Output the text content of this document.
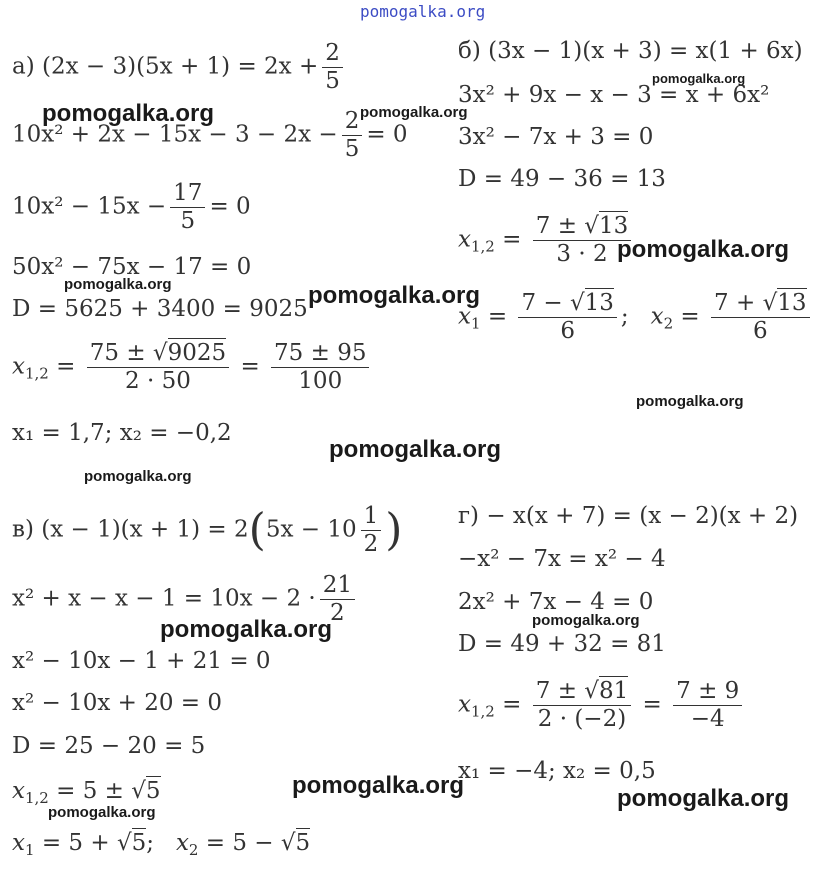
pomogalka.org
а) $(2x - 3)(5x + 1) = 2x + \frac{2}{5}$
$10x^2 + 2x - 15x - 3 - 2x - \frac{2}{5} = 0$
$10x^2 - 15x - \frac{17}{5} = 0$
50x² − 75x − 17 = 0
D = 5625 + 3400 = 9025
$x_{1,2} = \frac{75 \pm √9025}{2 \cdot 50} = \frac{75 \pm 95}{100}$
x₁ = 1,7; x₂ = −0,2
б) (3x − 1)(x + 3) = x(1 + 6x)
3x² + 9x − x − 3 = x + 6x²
3x² − 7x + 3 = 0
D = 49 − 36 = 13
$x_{1,2} = \frac{7 \pm √13}{3 \cdot 2}$
$x_1 = \frac{7 - √13}{6}$ ;   $x_2 = \frac{7 + √13}{6}$
в) $(x - 1)(x + 1) = 2(5x - 10 \frac{1}{2}$ )
$x^2 + x - x - 1 = 10x - 2 \cdot \frac{21}{2}$
x² − 10x − 1 + 21 = 0
x² − 10x + 20 = 0
D = 25 − 20 = 5
$x_{1,2} = 5 \pm √5$
$x_1 = 5 + √5$;   $x_2 = 5 - √5$
г) − x(x + 7) = (x − 2)(x + 2)
−x² − 7x = x² − 4
2x² + 7x − 4 = 0
D = 49 + 32 = 81
$x_{1,2} = \frac{7 \pm √81}{2 \cdot (-2)} = \frac{7 \pm 9}{-4}$
x₁ = −4; x₂ = 0,5
pomogalka.org	pomogalka.org
pomogalka.org
pomogalka.org
pomogalka.org	pomogalka.org
pomogalka.org
pomogalka.org
pomogalka.org
pomogalka.org
pomogalka.org
pomogalka.org	pomogalka.org
pomogalka.org
